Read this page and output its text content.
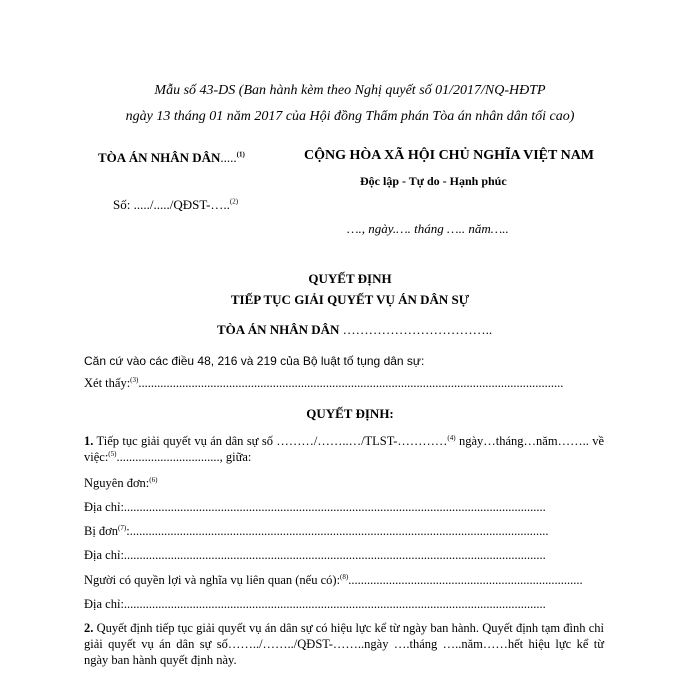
Mẫu số 43-DS (Ban hành kèm theo Nghị quyết số 01/2017/NQ-HĐTP
ngày 13 tháng 01 năm 2017 của Hội đồng Thẩm phán Tòa án nhân dân tối cao)
TÒA ÁN NHÂN DÂN.....$^{(1)}$
Số: ...../...../QĐST-…..$^{(2)}$
CỘNG HÒA XÃ HỘI CHỦ NGHĨA VIỆT NAM
Độc lập - Tự do - Hạnh phúc
…., ngày.…. tháng ….. năm…..
QUYẾT ĐỊNH
TIẾP TỤC GIẢI QUYẾT VỤ ÁN DÂN SỰ
TÒA ÁN NHÂN DÂN ……………………………..
Căn cứ vào các điều 48, 216 và 219 của Bộ luật tố tụng dân sự:
Xét thấy:$^{(3)}$........................................................................................................................................
QUYẾT ĐỊNH:
1. Tiếp tục giải quyết vụ án dân sự số ………/……..…/TLST-…………$^{(4)}$ ngày…tháng…năm…….. về việc:$^{(5)}$................................., giữa:
Nguyên đơn:$^{(6)}$
Địa chỉ:.......................................................................................................................................
Bị đơn$^{(7)}$:......................................................................................................................................
Địa chỉ:.......................................................................................................................................
Người có quyền lợi và nghĩa vụ liên quan (nếu có):$^{(8)}$...........................................................................
Địa chỉ:.......................................................................................................................................
2. Quyết định tiếp tục giải quyết vụ án dân sự có hiệu lực kể từ ngày ban hành. Quyết định tạm đình chỉ giải quyết vụ án dân sự số……../……../QĐST-……..ngày ….tháng …..năm……hết hiệu lực kể từ ngày ban hành quyết định này.
